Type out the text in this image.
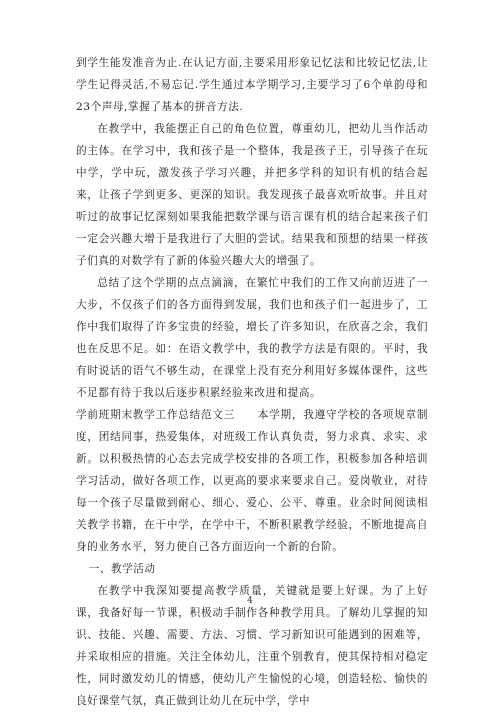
到学生能发准音为止.在认记方面,主要采用形象记忆法和比较记忆法,让学生记得灵活,不易忘记.学生通过本学期学习,主要学习了6个单韵母和23个声母,掌握了基本的拼音方法.

在教学中，我能摆正自己的角色位置，尊重幼儿，把幼儿当作活动的主体。在学习中，我和孩子是一个整体，我是孩子王，引导孩子在玩中学，学中玩，激发孩子学习兴趣，并把多学科的知识有机的结合起来，让孩子学到更多、更深的知识。我发现孩子最喜欢听故事。并且对听过的故事记忆深刻如果我能把数学课与语言课有机的结合起来孩子们一定会兴趣大增于是我进行了大胆的尝试。结果我和预想的结果一样孩子们真的对数学有了新的体验兴趣大大的增强了。

总结了这个学期的点点滴滴，在繁忙中我们的工作又向前迈进了一大步，不仅孩子们的各方面得到发展，我们也和孩子们一起进步了，工作中我们取得了许多宝贵的经验，增长了许多知识，在欣喜之余，我们也在反思不足。如：在语文教学中，我的教学方法是有限的。平时，我有时说话的语气不够生动，在课堂上没有充分利用好多媒体课件，这些不足都有待于我以后逐步积累经验来改进和提高。

学前班期末教学工作总结范文三　　本学期，我遵守学校的各项规章制度，团结同事，热爱集体，对班级工作认真负责，努力求真、求实、求新。以积极热情的心态去完成学校安排的各项工作，积极参加各种培训学习活动，做好各项工作，以更高的要求来要求自己。爱岗敬业，对待每一个孩子尽量做到耐心、细心、爱心、公平、尊重。业余时间阅读相关教学书籍，在干中学，在学中干，不断积累教学经验，不断地提高自身的业务水平，努力使自己各方面迈向一个新的台阶。

一、教学活动

在教学中我深知要提高教学质量，关键就是要上好课。为了上好课，我备好每一节课，积极动手制作各种教学用具。了解幼儿掌握的知识、技能、兴趣、需要、方法、习惯、学习新知识可能遇到的困难等，并采取相应的措施。关注全体幼儿，注重个别教育，使其保持相对稳定性，同时激发幼儿的情感，使幼儿产生愉悦的心境，创造轻松、愉快的良好课堂气氛，真正做到让幼儿在玩中学，学中

4
